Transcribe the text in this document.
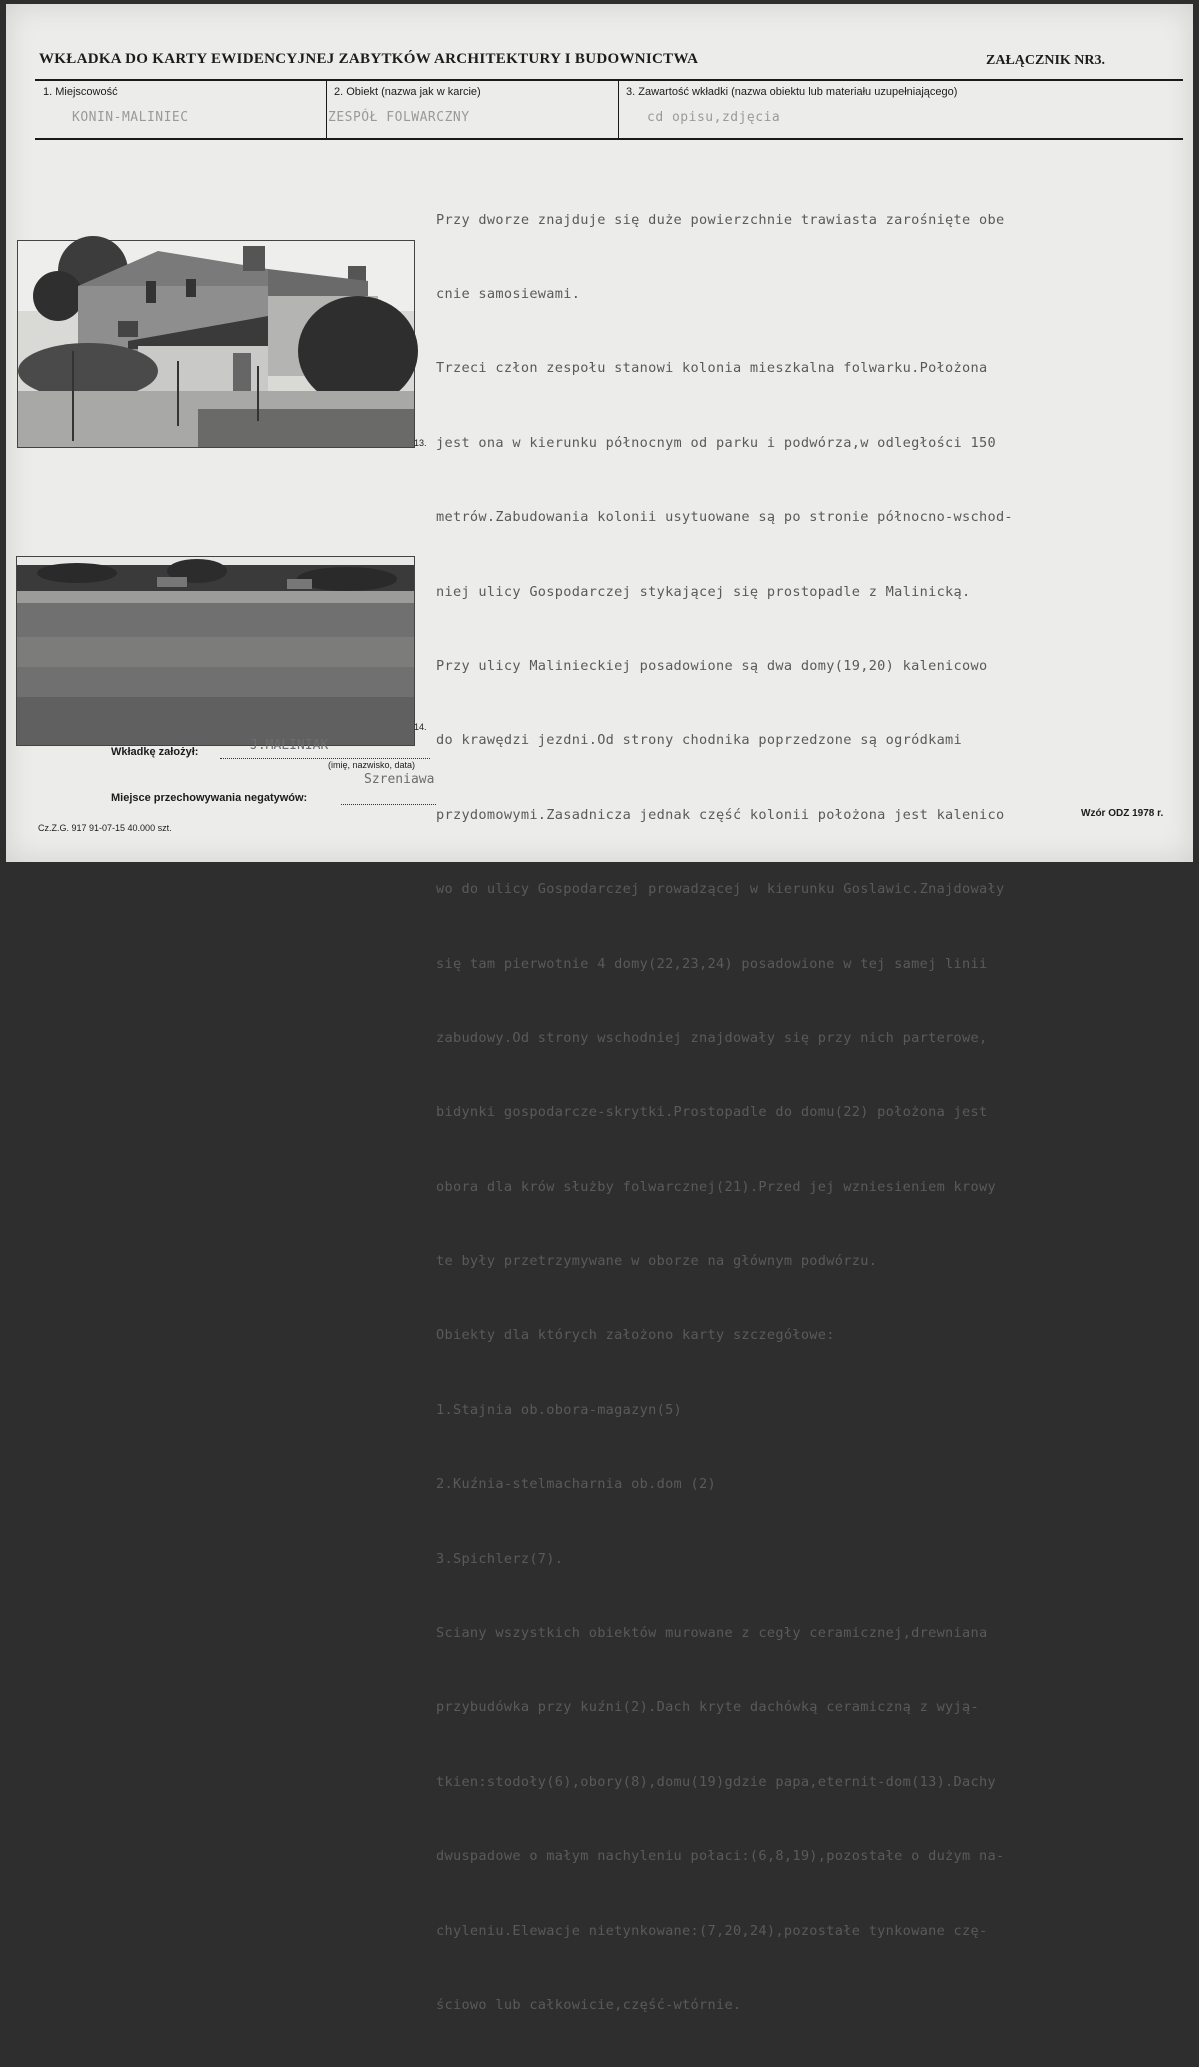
WKŁADKA DO KARTY EWIDENCYJNEJ ZABYTKÓW ARCHITEKTURY I BUDOWNICTWA	ZAŁĄCZNIK NR3.
1. Miejscowość
KONIN-MALINIEC
2. Obiekt (nazwa jak w karcie)
ZESPÓŁ FOLWARCZNY
3. Zawartość wkładki (nazwa obiektu lub materiału uzupełniającego)
cd opisu,zdjęcia
13.
14.

Przy dworze znajduje się duże powierzchnie trawiasta zarośnięte obe

cnie samosiewami.

Trzeci człon zespołu stanowi kolonia mieszkalna folwarku.Położona

jest ona w kierunku północnym od parku i podwórza,w odległości 150

metrów.Zabudowania kolonii usytuowane są po stronie północno-wschod-

niej ulicy Gospodarczej stykającej się prostopadle z Malinicką.

Przy ulicy Malinieckiej posadowione są dwa domy(19,20) kalenicowo

do krawędzi jezdni.Od strony chodnika poprzedzone są ogródkami

przydomowymi.Zasadnicza jednak część kolonii położona jest kalenico

wo do ulicy Gospodarczej prowadzącej w kierunku Goslawic.Znajdowały

się tam pierwotnie 4 domy(22,23,24) posadowione w tej samej linii

zabudowy.Od strony wschodniej znajdowały się przy nich parterowe,

bidynki gospodarcze-skrytki.Prostopadle do domu(22) położona jest

obora dla krów służby folwarcznej(21).Przed jej wzniesieniem krowy

te były przetrzymywane w oborze na głównym podwórzu.

Obiekty dla których założono karty szczegółowe:

1.Stajnia ob.obora-magazyn(5)

2.Kuźnia-stelmacharnia ob.dom (2)

3.Spichlerz(7).

Sciany wszystkich obiektów murowane z cegły ceramicznej,drewniana

przybudówka przy kuźni(2).Dach kryte dachówką ceramiczną z wyją-

tkien:stodoły(6),obory(8),domu(19)gdzie papa,eternit-dom(13).Dachy

dwuspadowe o małym nachyleniu połaci:(6,8,19),pozostałe o dużym na-

chyleniu.Elewacje nietynkowane:(7,20,24),pozostałe tynkowane czę-

ściowo lub całkowicie,część-wtórnie.

Wkładkę założył:	J.MALINIAK
(imię, nazwisko, data)
Szreniawa
Miejsce przechowywania negatywów:
Cz.Z.G. 917 91-07-15 40.000 szt.
Wzór ODZ 1978 r.
